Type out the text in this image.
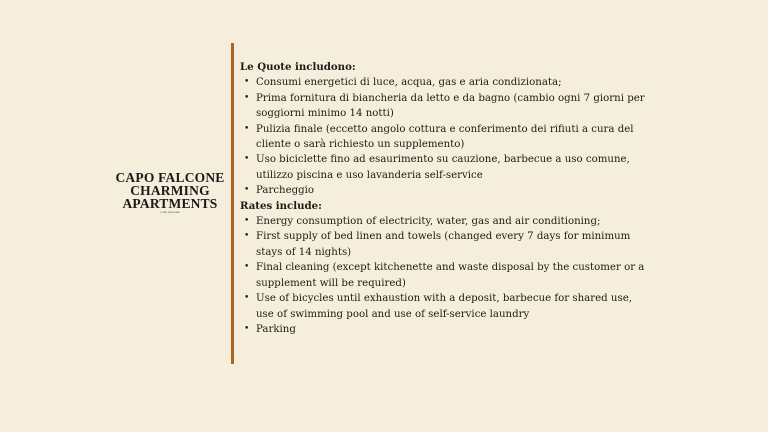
CAPO FALCONE
CHARMING
APARTMENTS
CAPO FALCONE
Le Quote includono:
• Consumi energetici di luce, acqua, gas e aria condizionata;
• Prima fornitura di biancheria da letto e da bagno (cambio ogni 7 giorni per soggiorni minimo 14 notti)
• Pulizia finale (eccetto angolo cottura e conferimento dei rifiuti a cura del cliente o sarà richiesto un supplemento)
• Uso biciclette fino ad esaurimento su cauzione, barbecue a uso comune, utilizzo piscina e uso lavanderia self-service
• Parcheggio
Rates include:
• Energy consumption of electricity, water, gas and air conditioning;
• First supply of bed linen and towels (changed every 7 days for minimum stays of 14 nights)
• Final cleaning (except kitchenette and waste disposal by the customer or a supplement will be required)
• Use of bicycles until exhaustion with a deposit, barbecue for shared use, use of swimming pool and use of self-service laundry
• Parking
